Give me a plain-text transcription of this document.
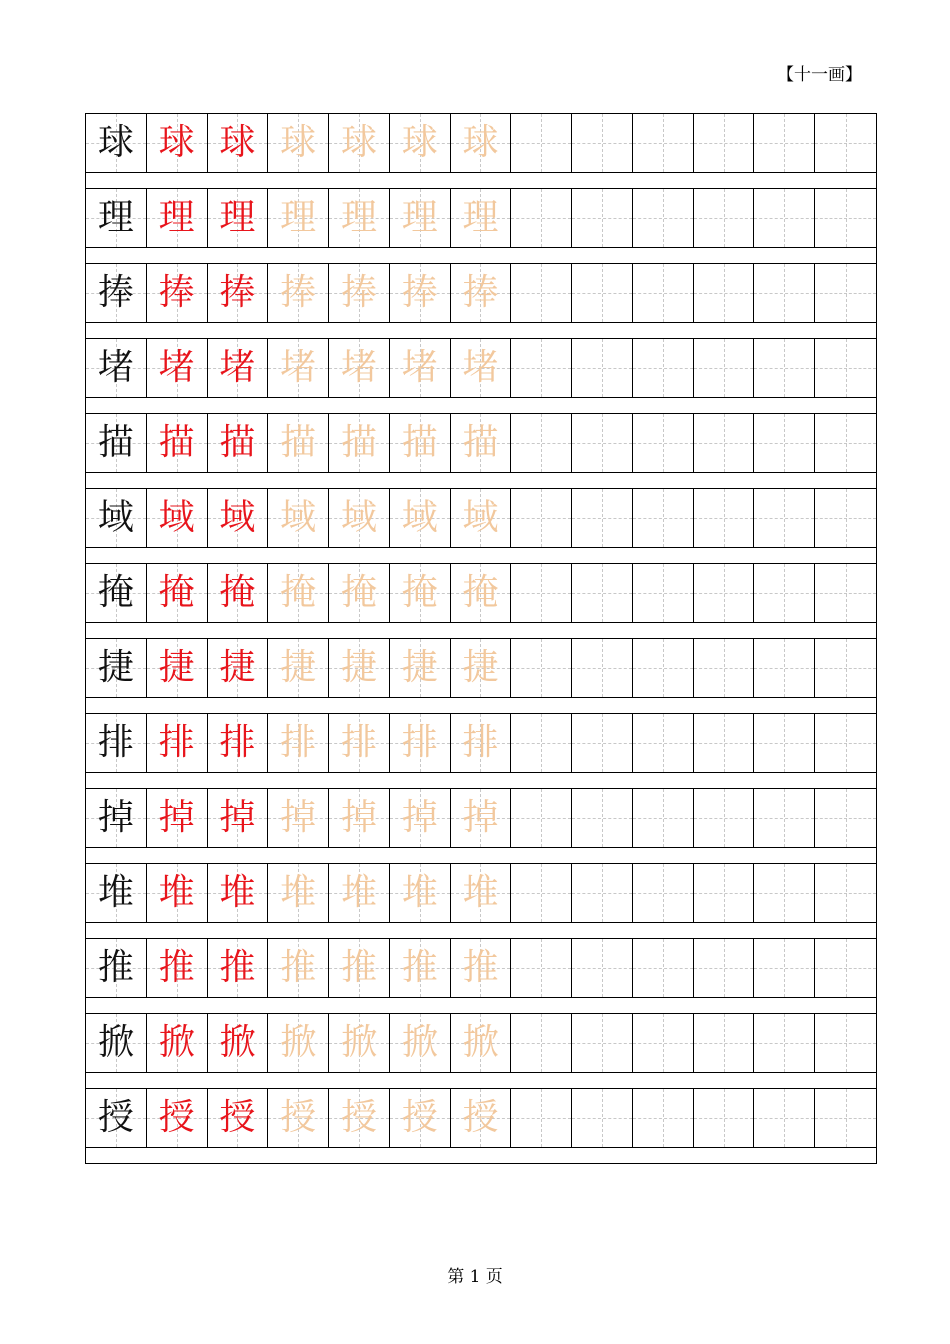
【十一画】
球 球 球 球 球 球 球
理 理 理 理 理 理 理
捧 捧 捧 捧 捧 捧 捧
堵 堵 堵 堵 堵 堵 堵
描 描 描 描 描 描 描
域 域 域 域 域 域 域
掩 掩 掩 掩 掩 掩 掩
捷 捷 捷 捷 捷 捷 捷
排 排 排 排 排 排 排
掉 掉 掉 掉 掉 掉 掉
堆 堆 堆 堆 堆 堆 堆
推 推 推 推 推 推 推
掀 掀 掀 掀 掀 掀 掀
授 授 授 授 授 授 授
第 1 页
